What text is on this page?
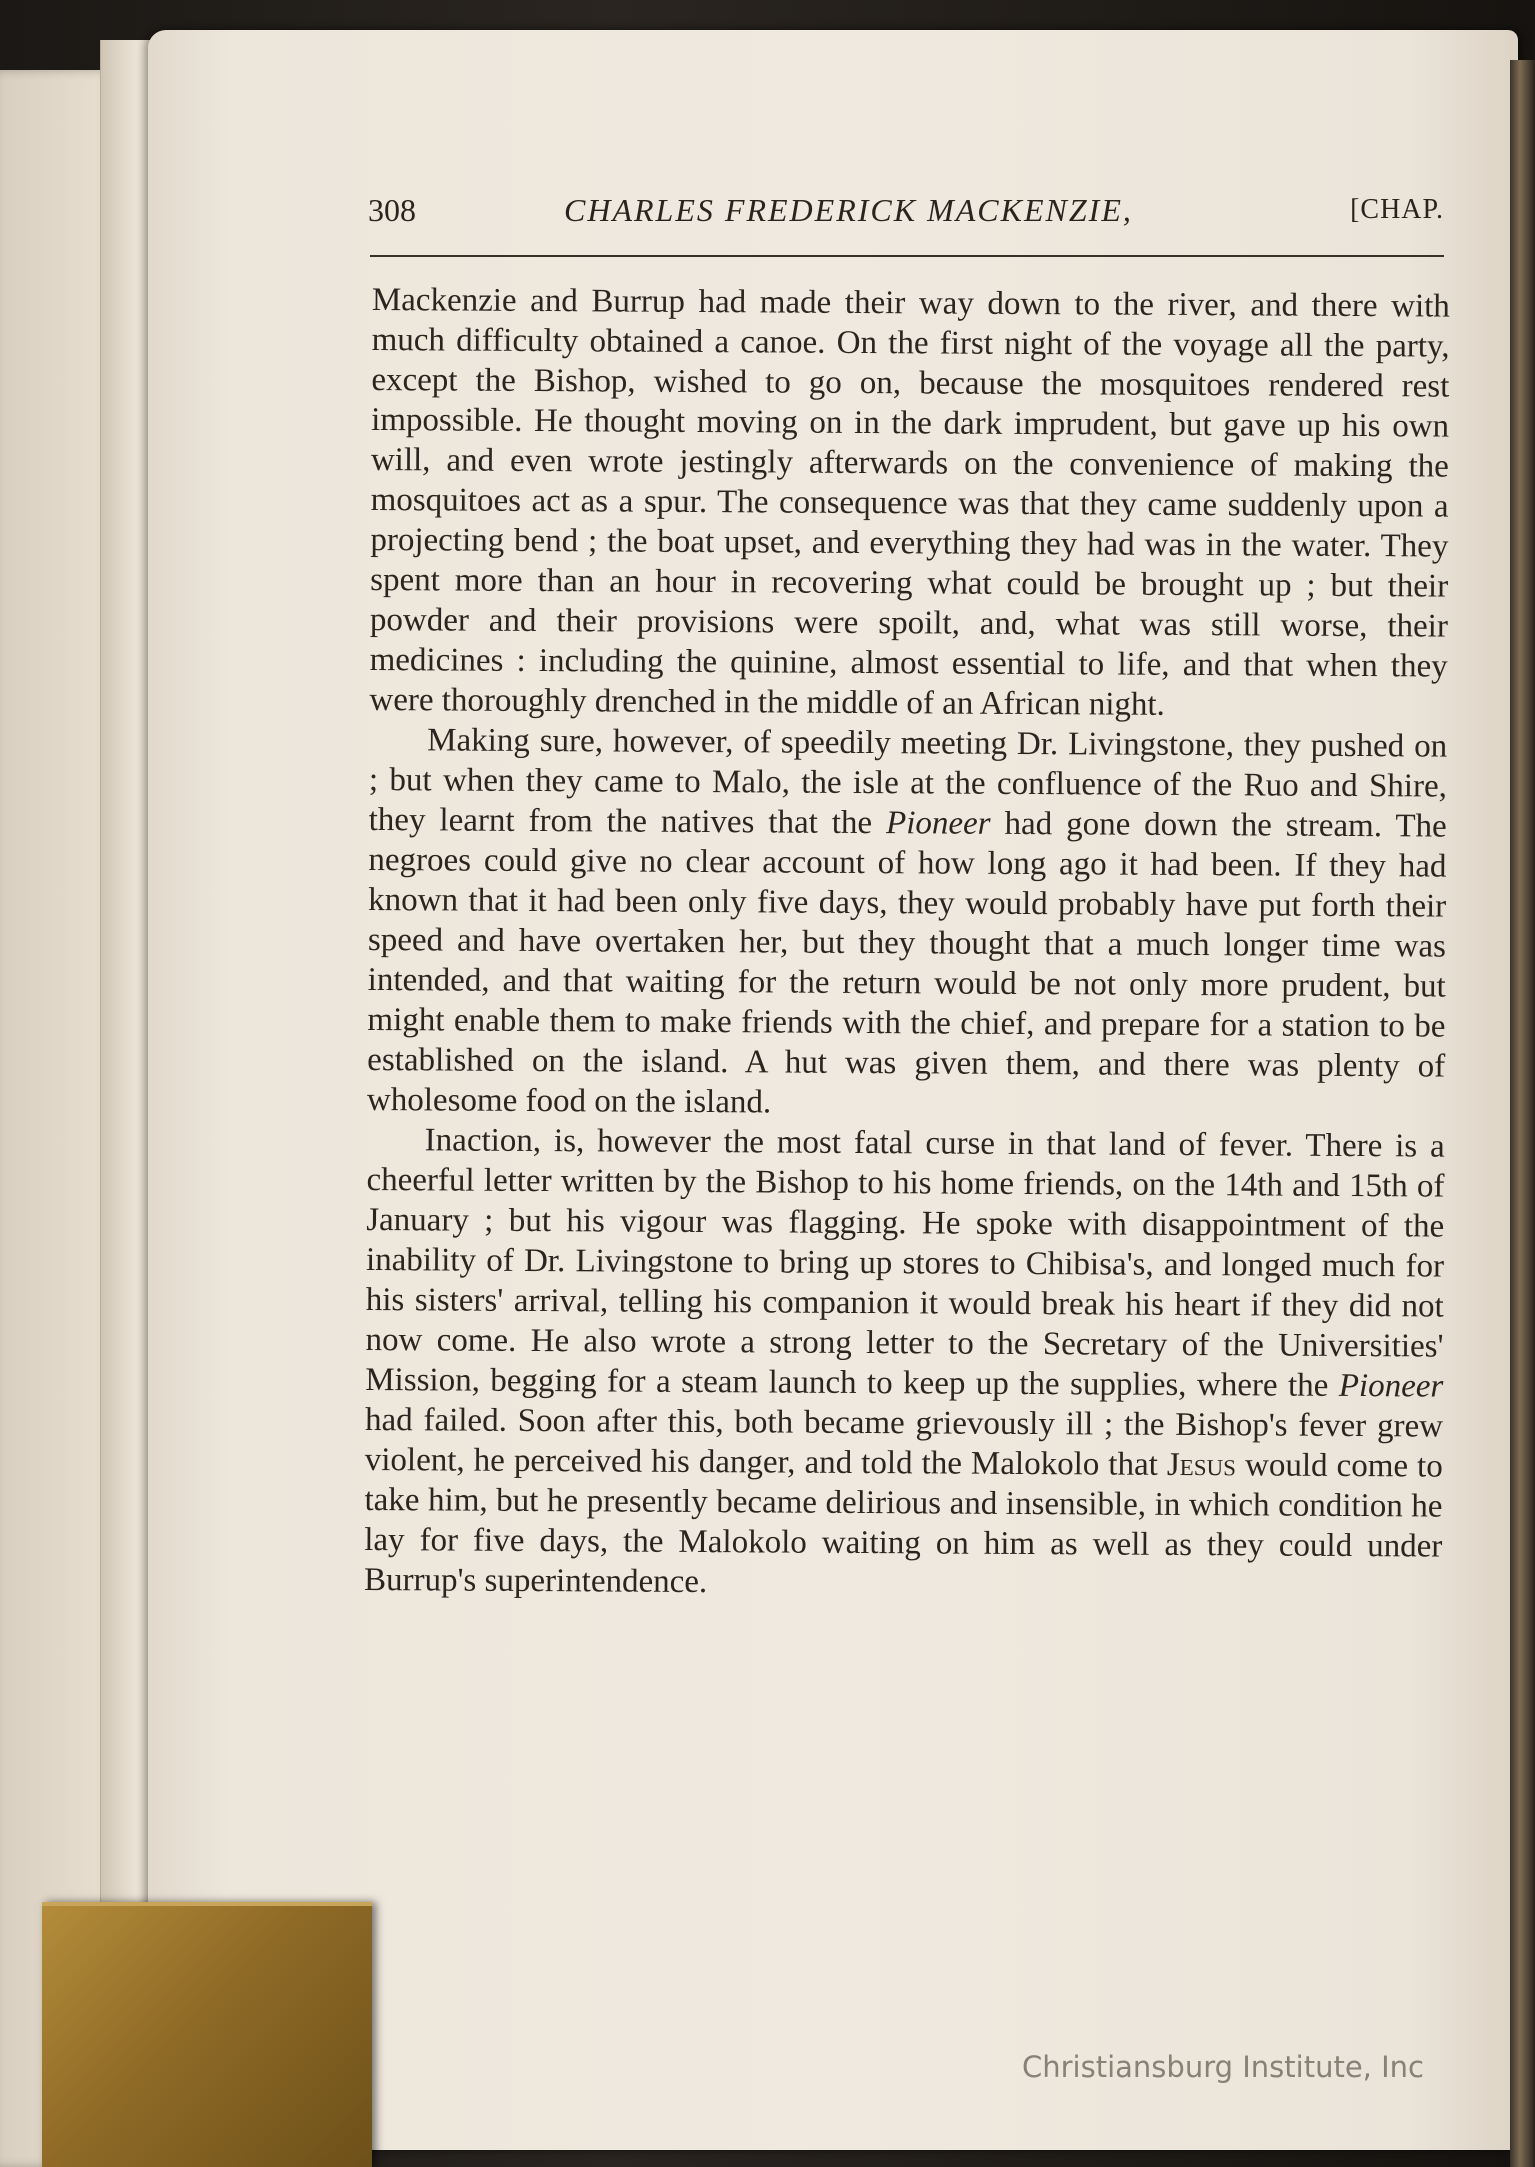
308	CHARLES FREDERICK MACKENZIE,	[CHAP.

Mackenzie and Burrup had made their way down to the river, and there with much difficulty obtained a canoe. On the first night of the voyage all the party, except the Bishop, wished to go on, because the mosquitoes rendered rest impossible. He thought moving on in the dark imprudent, but gave up his own will, and even wrote jestingly afterwards on the convenience of making the mosquitoes act as a spur. The consequence was that they came suddenly upon a projecting bend ; the boat upset, and everything they had was in the water. They spent more than an hour in recovering what could be brought up ; but their powder and their provisions were spoilt, and, what was still worse, their medicines : including the quinine, almost essential to life, and that when they were thoroughly drenched in the middle of an African night.

Making sure, however, of speedily meeting Dr. Livingstone, they pushed on ; but when they came to Malo, the isle at the confluence of the Ruo and Shire, they learnt from the natives that the Pioneer had gone down the stream. The negroes could give no clear account of how long ago it had been. If they had known that it had been only five days, they would probably have put forth their speed and have overtaken her, but they thought that a much longer time was intended, and that waiting for the return would be not only more prudent, but might enable them to make friends with the chief, and prepare for a station to be established on the island. A hut was given them, and there was plenty of wholesome food on the island.

Inaction, is, however the most fatal curse in that land of fever. There is a cheerful letter written by the Bishop to his home friends, on the 14th and 15th of January ; but his vigour was flagging. He spoke with disappointment of the inability of Dr. Livingstone to bring up stores to Chibisa's, and longed much for his sisters' arrival, telling his companion it would break his heart if they did not now come. He also wrote a strong letter to the Secretary of the Universities' Mission, begging for a steam launch to keep up the supplies, where the Pioneer had failed. Soon after this, both became grievously ill ; the Bishop's fever grew violent, he perceived his danger, and told the Malokolo that Jesus would come to take him, but he presently became delirious and insensible, in which condition he lay for five days, the Malokolo waiting on him as well as they could under Burrup's superintendence.

Christiansburg Institute, Inc
